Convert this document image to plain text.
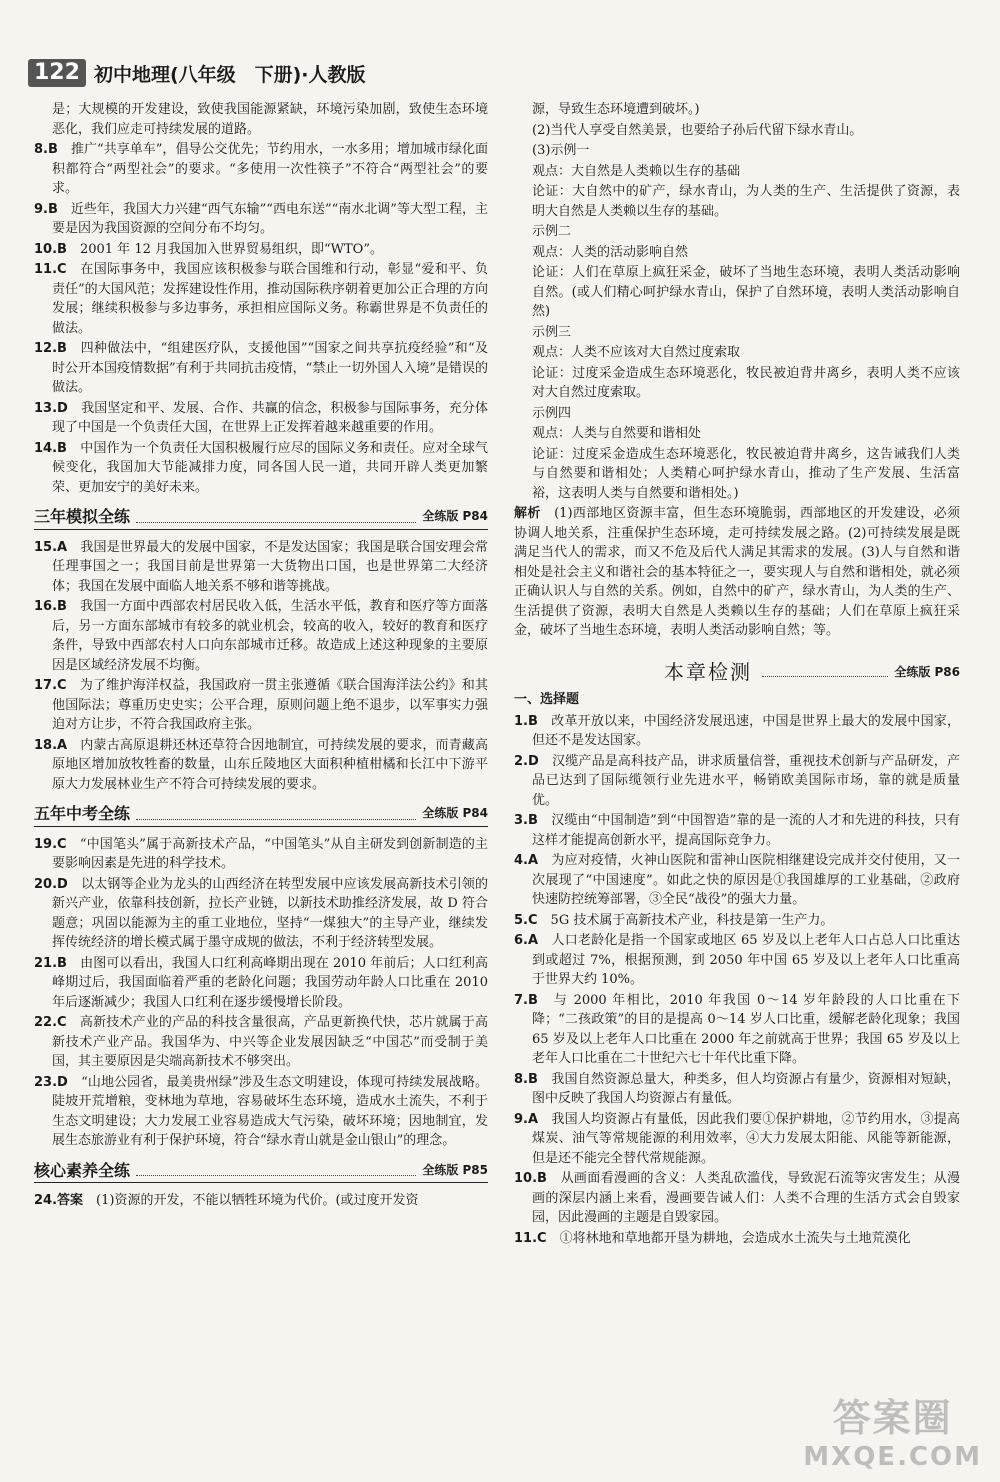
122 初中地理(八年级　下册)·人教版

是；大规模的开发建设，致使我国能源紧缺，环境污染加剧，致使生态环境恶化，我们应走可持续发展的道路。

8.B　 推广“共享单车”，倡导公交优先；节约用水，一水多用；增加城市绿化面积都符合“两型社会”的要求。“多使用一次性筷子”不符合“两型社会”的要求。

9.B　 近些年，我国大力兴建“西气东输”“西电东送”“南水北调”等大型工程，主要是因为我国资源的空间分布不均匀。

10.B　 2001 年 12 月我国加入世界贸易组织，即“WTO”。

11.C　 在国际事务中，我国应该积极参与联合国维和行动，彰显“爱和平、负责任”的大国风范；发挥建设性作用，推动国际秩序朝着更加公正合理的方向发展；继续积极参与多边事务，承担相应国际义务。称霸世界是不负责任的做法。

12.B　 四种做法中，“组建医疗队，支援他国”“国家之间共享抗疫经验”和“及时公开本国疫情数据”有利于共同抗击疫情，“禁止一切外国人入境”是错误的做法。

13.D　 我国坚定和平、发展、合作、共赢的信念，积极参与国际事务，充分体现了中国是一个负责任大国，在世界上正发挥着越来越重要的作用。

14.B　 中国作为一个负责任大国积极履行应尽的国际义务和责任。应对全球气候变化，我国加大节能减排力度，同各国人民一道，共同开辟人类更加繁荣、更加安宁的美好未来。

三年模拟全练	全练版 P84

15.A　 我国是世界最大的发展中国家，不是发达国家；我国是联合国安理会常任理事国之一；我国目前是世界第一大货物出口国，也是世界第二大经济体；我国在发展中面临人地关系不够和谐等挑战。

16.B　 我国一方面中西部农村居民收入低，生活水平低，教育和医疗等方面落后，另一方面东部城市有较多的就业机会，较高的收入，较好的教育和医疗条件，导致中西部农村人口向东部城市迁移。故造成上述这种现象的主要原因是区域经济发展不均衡。

17.C　 为了维护海洋权益，我国政府一贯主张遵循《联合国海洋法公约》和其他国际法；尊重历史史实；公平合理，原则问题上绝不退步，以军事实力强迫对方让步，不符合我国政府主张。

18.A　 内蒙古高原退耕还林还草符合因地制宜，可持续发展的要求，而青藏高原地区增加放牧牲畜的数量，山东丘陵地区大面积种植柑橘和长江中下游平原大力发展林业生产不符合可持续发展的要求。

五年中考全练	全练版 P84

19.C　 “中国笔头”属于高新技术产品，“中国笔头”从自主研发到创新制造的主要影响因素是先进的科学技术。

20.D　 以太钢等企业为龙头的山西经济在转型发展中应该发展高新技术引领的新兴产业，依靠科技创新，拉长产业链，以新技术助推经济发展，故 D 符合题意；巩固以能源为主的重工业地位，坚持“一煤独大”的主导产业，继续发挥传统经济的增长模式属于墨守成规的做法，不利于经济转型发展。

21.B　 由图可以看出，我国人口红利高峰期出现在 2010 年前后；人口红利高峰期过后，我国面临着严重的老龄化问题；我国劳动年龄人口比重在 2010 年后逐渐减少；我国人口红利在逐步缓慢增长阶段。

22.C　 高新技术产业的产品的科技含量很高，产品更新换代快，芯片就属于高新技术产业产品。我国华为、中兴等企业发展因缺乏“中国芯”而受制于美国，其主要原因是尖端高新技术不够突出。

23.D　 “山地公园省，最美贵州绿”涉及生态文明建设，体现可持续发展战略。陡坡开荒增粮，变林地为草地，容易破坏生态环境，造成水土流失，不利于生态文明建设；大力发展工业容易造成大气污染，破坏环境；因地制宜，发展生态旅游业有利于保护环境，符合“绿水青山就是金山银山”的理念。

核心素养全练	全练版 P85

24.答案　 (1)资源的开发，不能以牺牲环境为代价。(或过度开发资

源，导致生态环境遭到破坏。)

(2)当代人享受自然美景，也要给子孙后代留下绿水青山。

(3)示例一

观点：大自然是人类赖以生存的基础

论证：大自然中的矿产，绿水青山，为人类的生产、生活提供了资源，表明大自然是人类赖以生存的基础。

示例二

观点：人类的活动影响自然

论证：人们在草原上疯狂采金，破坏了当地生态环境，表明人类活动影响自然。(或人们精心呵护绿水青山，保护了自然环境，表明人类活动影响自然)

示例三

观点：人类不应该对大自然过度索取

论证：过度采金造成生态环境恶化，牧民被迫背井离乡，表明人类不应该对大自然过度索取。

示例四

观点：人类与自然要和谐相处

论证：过度采金造成生态环境恶化，牧民被迫背井离乡，这告诫我们人类与自然要和谐相处；人类精心呵护绿水青山，推动了生产发展、生活富裕，这表明人类与自然要和谐相处。)

解析　 (1)西部地区资源丰富，但生态环境脆弱，西部地区的开发建设，必须协调人地关系，注重保护生态环境，走可持续发展之路。(2)可持续发展是既满足当代人的需求，而又不危及后代人满足其需求的发展。(3)人与自然和谐相处是社会主义和谐社会的基本特征之一，要实现人与自然和谐相处，就必须正确认识人与自然的关系。例如，自然中的矿产，绿水青山，为人类的生产、生活提供了资源，表明大自然是人类赖以生存的基础；人们在草原上疯狂采金，破坏了当地生态环境，表明人类活动影响自然；等。

本章检测	全练版 P86

一、选择题

1.B　 改革开放以来，中国经济发展迅速，中国是世界上最大的发展中国家，但还不是发达国家。

2.D　 汉缆产品是高科技产品，讲求质量信誉，重视技术创新与产品研发，产品已达到了国际缆领行业先进水平，畅销欧美国际市场，靠的就是质量优。

3.B　 汉缆由“中国制造”到“中国智造”靠的是一流的人才和先进的科技，只有这样才能提高创新水平，提高国际竞争力。

4.A　 为应对疫情，火神山医院和雷神山医院相继建设完成并交付使用，又一次展现了“中国速度”。如此之快的原因是①我国雄厚的工业基础，②政府快速防控统筹部署，③全民“战役”的强大力量。

5.C　 5G 技术属于高新技术产业，科技是第一生产力。

6.A　 人口老龄化是指一个国家或地区 65 岁及以上老年人口占总人口比重达到或超过 7%，根据预测，到 2050 年中国 65 岁及以上老年人口比重高于世界大约 10%。

7.B　 与 2000 年相比，2010 年我国 0～14 岁年龄段的人口比重在下降；“二孩政策”的目的是提高 0～14 岁人口比重，缓解老龄化现象；我国 65 岁及以上老年人口比重在 2000 年之前就高于世界；我国 65 岁及以上老年人口比重在二十世纪六七十年代比重下降。

8.B　 我国自然资源总量大，种类多，但人均资源占有量少，资源相对短缺，图中反映了我国人均资源占有量低。

9.A　 我国人均资源占有量低，因此我们要①保护耕地，②节约用水，③提高煤炭、油气等常规能源的利用效率，④大力发展太阳能、风能等新能源，但是还不能完全替代常规能源。

10.B　 从画面看漫画的含义：人类乱砍滥伐，导致泥石流等灾害发生；从漫画的深层内涵上来看，漫画要告诫人们：人类不合理的生活方式会自毁家园，因此漫画的主题是自毁家园。

11.C　 ①将林地和草地都开垦为耕地，会造成水土流失与土地荒漠化

答案圈
MXQE.COM
